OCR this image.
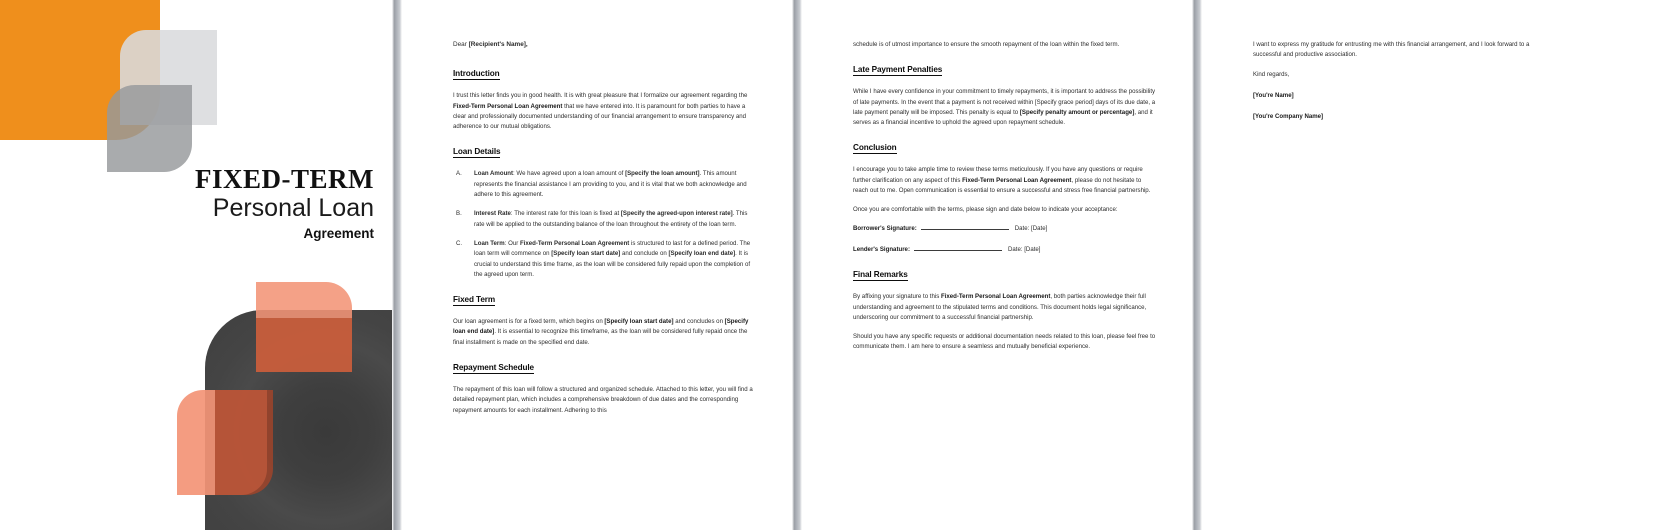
FIXED-TERM
Personal Loan
Agreement
Dear [Recipient's Name],
Introduction

I trust this letter finds you in good health. It is with great pleasure that I formalize our agreement regarding the Fixed-Term Personal Loan Agreement that we have entered into. It is paramount for both parties to have a clear and professionally documented understanding of our financial arrangement to ensure transparency and adherence to our mutual obligations.

Loan Details
A. Loan Amount: We have agreed upon a loan amount of [Specify the loan amount]. This amount represents the financial assistance I am providing to you, and it is vital that we both acknowledge and adhere to this agreement.
B. Interest Rate: The interest rate for this loan is fixed at [Specify the agreed-upon interest rate]. This rate will be applied to the outstanding balance of the loan throughout the entirety of the loan term.
C. Loan Term: Our Fixed-Term Personal Loan Agreement is structured to last for a defined period. The loan term will commence on [Specify loan start date] and conclude on [Specify loan end date]. It is crucial to understand this time frame, as the loan will be considered fully repaid upon the completion of the agreed upon term.
Fixed Term

Our loan agreement is for a fixed term, which begins on [Specify loan start date] and concludes on [Specify loan end date]. It is essential to recognize this timeframe, as the loan will be considered fully repaid once the final installment is made on the specified end date.

Repayment Schedule

The repayment of this loan will follow a structured and organized schedule. Attached to this letter, you will find a detailed repayment plan, which includes a comprehensive breakdown of due dates and the corresponding repayment amounts for each installment. Adhering to this

schedule is of utmost importance to ensure the smooth repayment of the loan within the fixed term.

Late Payment Penalties

While I have every confidence in your commitment to timely repayments, it is important to address the possibility of late payments. In the event that a payment is not received within [Specify grace period] days of its due date, a late payment penalty will be imposed. This penalty is equal to [Specify penalty amount or percentage], and it serves as a financial incentive to uphold the agreed upon repayment schedule.

Conclusion

I encourage you to take ample time to review these terms meticulously. If you have any questions or require further clarification on any aspect of this Fixed-Term Personal Loan Agreement, please do not hesitate to reach out to me. Open communication is essential to ensure a successful and stress free financial partnership.

Once you are comfortable with the terms, please sign and date below to indicate your acceptance:

Borrower's Signature:	Date: [Date]
Lender's Signature:	Date: [Date]
Final Remarks

By affixing your signature to this Fixed-Term Personal Loan Agreement, both parties acknowledge their full understanding and agreement to the stipulated terms and conditions. This document holds legal significance, underscoring our commitment to a successful financial partnership.

Should you have any specific requests or additional documentation needs related to this loan, please feel free to communicate them. I am here to ensure a seamless and mutually beneficial experience.

I want to express my gratitude for entrusting me with this financial arrangement, and I look forward to a successful and productive association.

Kind regards,
[You're Name]
[You're Company Name]
